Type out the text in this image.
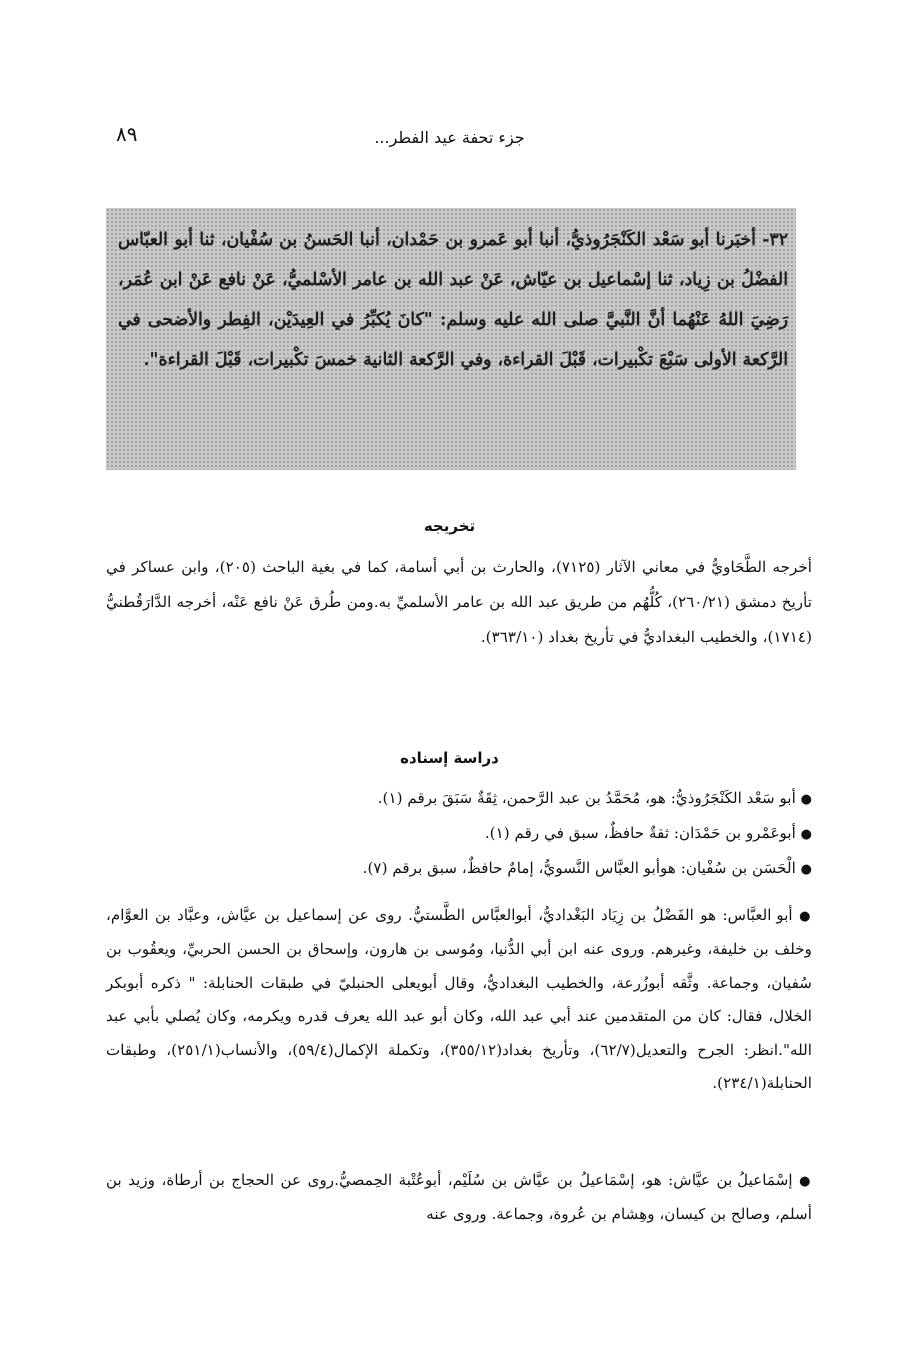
جزء تحفة عيد الفطر...
٨٩
٣٢- أخبَرنا أبو سَعْد الكَنْجَرُوذيُّ، أنبا أبو عَمرو بن حَمْدان، أنبا الحَسنُ بن سُفْيان، ثنا أبو العبّاس الفضْلُ بن زِياد، ثنا إسْماعيل بن عيّاش، عَنْ عبد الله بن عامر الأسْلميُّ، عَنْ نافع عَنْ ابن عُمَر، رَضِيَ اللهُ عَنْهُما أنَّ النَّبيَّ صلى الله عليه وسلم: "كانَ يُكبِّرُ في العِيدَيْن، الفِطر والأضحى في الرَّكعة الأولى سَبْعَ تكْبيرات، قَبْلَ القراءة، وفي الرَّكعة الثانية خمسَ تكْبيرات، قَبْلَ القراءة".
تخريجه
أخرجه الطَّحَاويُّ في معاني الآثار (٧١٢٥)، والحارث بن أبي أسامة، كما في بغية الباحث (٢٠٥)، وابن عساكر في تأريخ دمشق (٢٦٠/٢١)، كُلُّهُم من طريق عبد الله بن عامر الأسلميِّ به.ومن طُرق عَنْ نافع عَنْه، أخرجه الدَّارَقُطنيُّ (١٧١٤)، والخطيب البغداديُّ في تأريخ بغداد (٣٦٣/١٠).
دراسة إسناده
● أبو سَعْد الكَنْجَرُوذيُّ: هو، مُحَمَّدُ بن عبد الرَّحمن، ثِقَةٌ سَبَقَ برقم (١).
● أبوعَمْرو بن حَمْدَان: ثقةٌ حافظٌ، سبق في رقم (١).
● الْحَسَن بن سُفْيان: هوأبو العبَّاس النَّسويُّ، إمامٌ حافظٌ، سبق برقم (٧).
● أبو العبَّاس: هو الفَضْلُ بن زِيَاد البَغْداديُّ، أبوالعبَّاس الطَّستيُّ. روى عن إسماعيل بن عيَّاش، وعبَّاد بن العوَّام، وخلف بن خليفة، وغيرهم. وروى عنه ابن أبي الدُّنيا، ومُوسى بن هارون، وإسحاق بن الحسن الحربيِّ، ويعقُوب بن سُفيان، وجماعة. وثَّقه أبوزُرعة، والخطيب البغداديُّ، وقال أبويعلى الحنبليّ في طبقات الحنابلة: " ذكره أبوبكر الخلال، فقال: كان من المتقدمين عند أبي عبد الله، وكان أبو عبد الله يعرف قدره ويكرمه، وكان يُصلي بأبي عبد الله".انظر: الجرح والتعديل(٦٢/٧)، وتأريخ بغداد(٣٥٥/١٢)، وتكملة الإكمال(٥٩/٤)، والأنساب(٢٥١/١)، وطبقات الحنابلة(٢٣٤/١).
● إسْمَاعيلُ بن عيَّاش: هو، إسْمَاعيلُ بن عيَّاش بن سُلَيْم، أبوعُتْبة الحِمصيُّ.روى عن الحجاج بن أرطاة، وزيد بن أسلم، وصالح بن كيسان، وهِشام بن عُروة، وجماعة. وروى عنه
